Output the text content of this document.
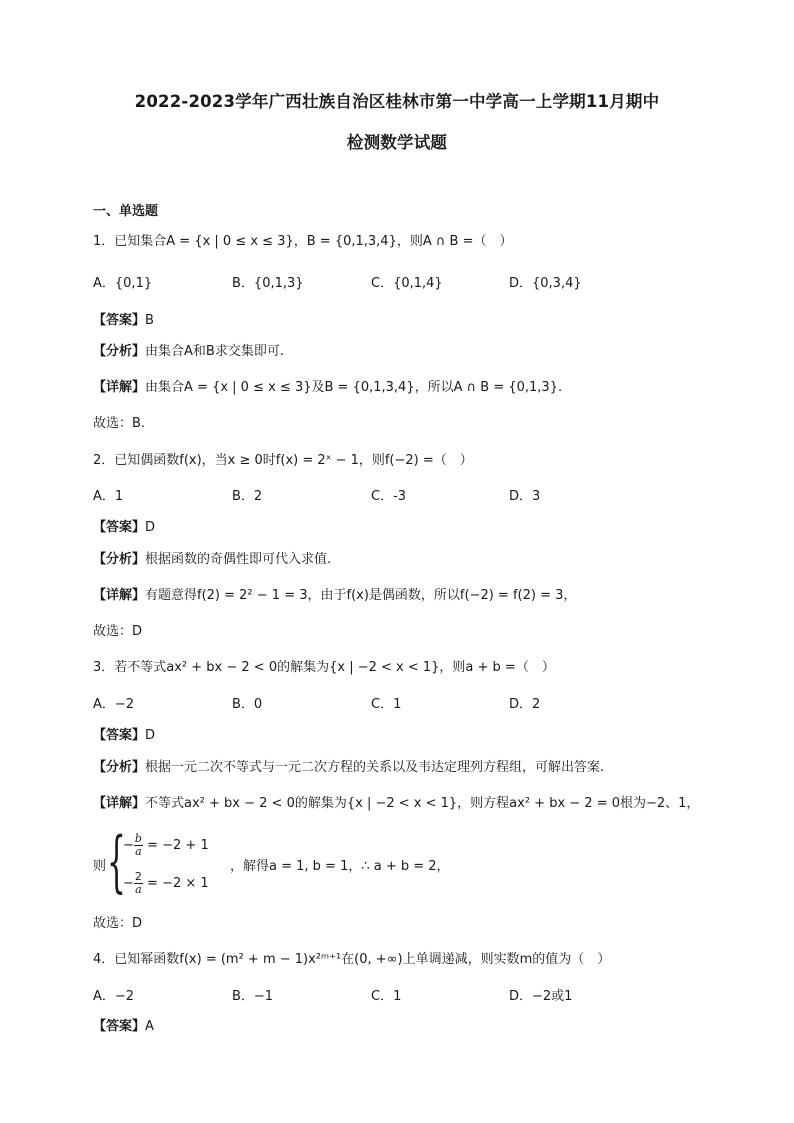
2022-2023学年广西壮族自治区桂林市第一中学高一上学期11月期中
检测数学试题
一、单选题
1．已知集合A = {x | 0 ≤ x ≤ 3}，B = {0,1,3,4}，则A ∩ B =（　）
A．{0,1}	B．{0,1,3}	C．{0,1,4}	D．{0,3,4}
【答案】B
【分析】由集合A和B求交集即可.
【详解】由集合A = {x | 0 ≤ x ≤ 3}及B = {0,1,3,4}，所以A ∩ B = {0,1,3}.
故选：B.
2．已知偶函数f(x)，当x ≥ 0时f(x) = 2ˣ − 1，则f(−2) =（　）
A．1	B．2	C．-3	D．3
【答案】D
【分析】根据函数的奇偶性即可代入求值.
【详解】有题意得f(2) = 2² − 1 = 3，由于f(x)是偶函数，所以f(−2) = f(2) = 3，
故选：D
3．若不等式ax² + bx − 2 < 0的解集为{x | −2 < x < 1}，则a + b =（　）
A．−2	B．0	C．1	D．2
【答案】D
【分析】根据一元二次不等式与一元二次方程的关系以及韦达定理列方程组，可解出答案.
【详解】不等式ax² + bx − 2 < 0的解集为{x | −2 < x < 1}，则方程ax² + bx − 2 = 0根为−2、1，
则 {
− $\frac{b}{a} = -2 + 1$
− $\frac{2}{a} = -2 \times 1$
，解得a = 1, b = 1，∴ a + b = 2，
故选：D
4．已知幂函数f(x) = (m² + m − 1)x²ᵐ⁺¹在(0, +∞)上单调递减，则实数m的值为（　）
A．−2	B．−1	C．1	D．−2或1
【答案】A
